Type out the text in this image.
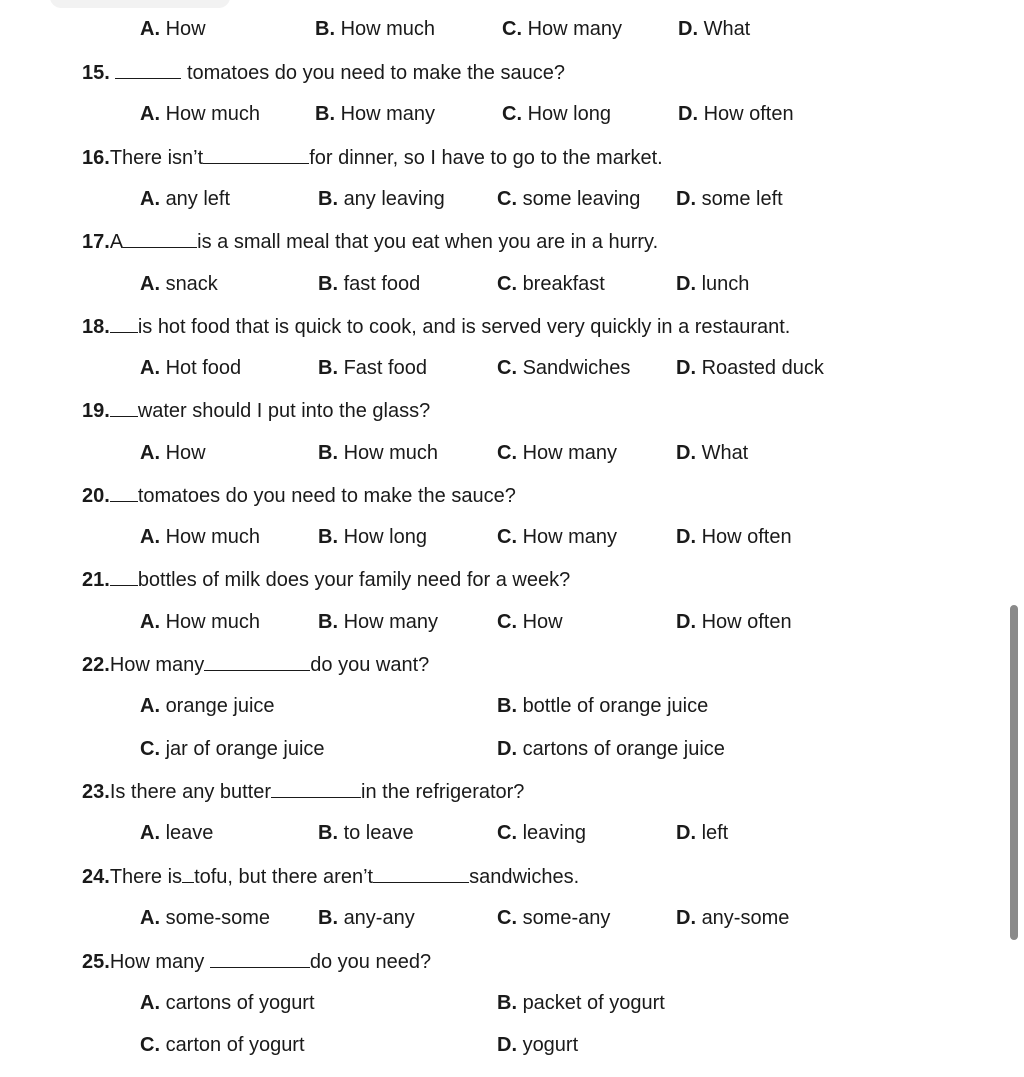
A. How	B. How much	C. How many	D. What
15.	tomatoes do you need to make the sauce?
A. How much	B. How many	C. How long	D. How often
16.There isn’t	for dinner, so I have to go to the market.
A. any left	B. any leaving	C. some leaving D. some left
17.A	is a small meal that you eat when you are in a hurry.
A. snack	B. fast food	C. breakfast	D. lunch
18. is hot food that is quick to cook, and is served very quickly in a restaurant.
A. Hot food	B. Fast food	C. Sandwiches D. Roasted duck
19. water should I put into the glass?
A. How	B. How much	C. How many	D. What
20. tomatoes do you need to make the sauce?
A. How much	B. How long	C. How many	D. How often
21. bottles of milk does your family need for a week?
A. How much	B. How many	C. How	D. How often
22.How many	do you want?
A. orange juice	B. bottle of orange juice
C. jar of orange juice	D. cartons of orange juice
23.Is there any butter	in the refrigerator?
A. leave	B. to leave	C. leaving	D. left
24.There is tofu, but there aren’t	sandwiches.
A. some-some B. any-any	C. some-any	D. any-some
25.How many	do you need?
A. cartons of yogurt	B. packet of yogurt
C. carton of yogurt	D. yogurt
